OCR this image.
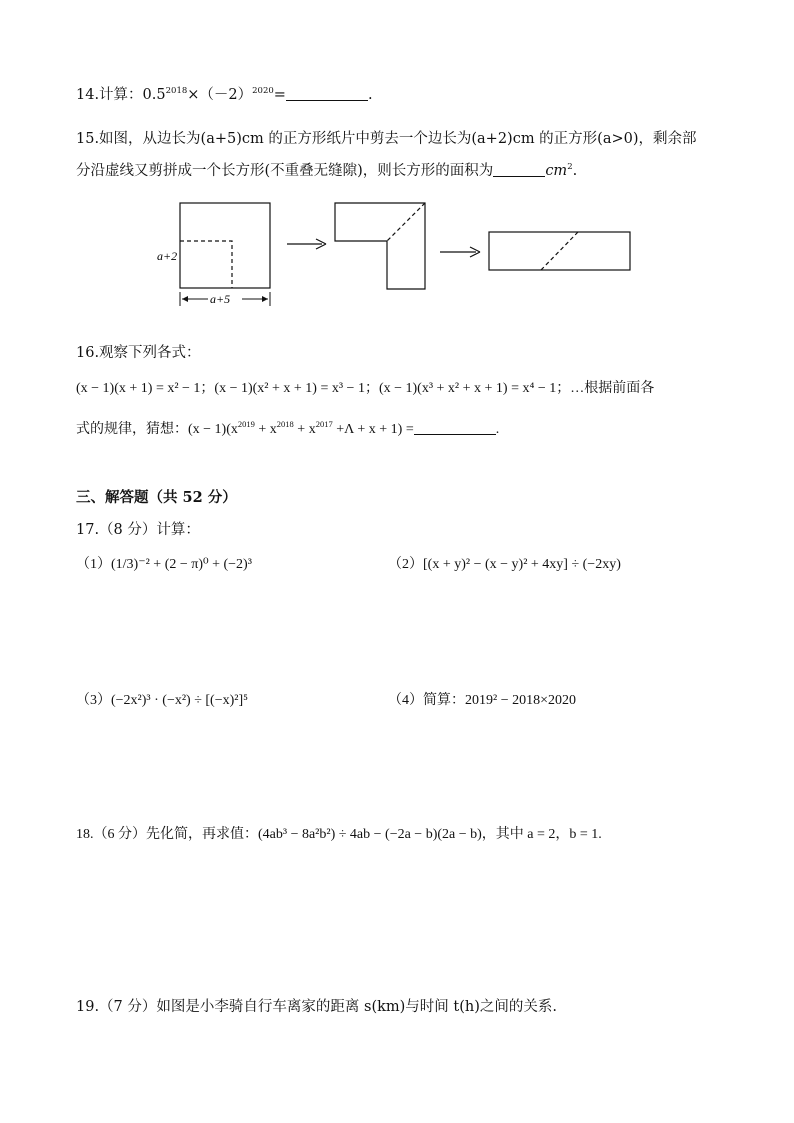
14.计算：$0.5^{2018}\times(-2)^{2020}=$	.
15.如图，从边长为(a+5)cm 的正方形纸片中剪去一个边长为(a+2)cm 的正方形(a>0)，剩余部
分沿虚线又剪拼成一个长方形(不重叠无缝隙)，则长方形的面积为	$cm^2$.
a+2
a+5
16.观察下列各式：
(x − 1)(x + 1) = x² − 1；(x − 1)(x² + x + 1) = x³ − 1；(x − 1)(x³ + x² + x + 1) = x⁴ − 1；…根据前面各
式的规律，猜想：$(x - 1)(x^{2019} + x^{2018} + x^{2017} +\Lambda + x + 1)$ =	.
三、解答题（共 52 分）
17.（8 分）计算：
（1）(1/3)⁻² + (2 − π)⁰ + (−2)³	（2）[(x + y)² − (x − y)² + 4xy] ÷ (−2xy)
（3）(−2x²)³ · (−x²) ÷ [(−x)²]⁵	（4）简算：2019² − 2018×2020
18.（6 分）先化简，再求值：(4ab³ − 8a²b²) ÷ 4ab − (−2a − b)(2a − b)，其中 a = 2，b = 1.
19.（7 分）如图是小李骑自行车离家的距离 s(km)与时间 t(h)之间的关系.
